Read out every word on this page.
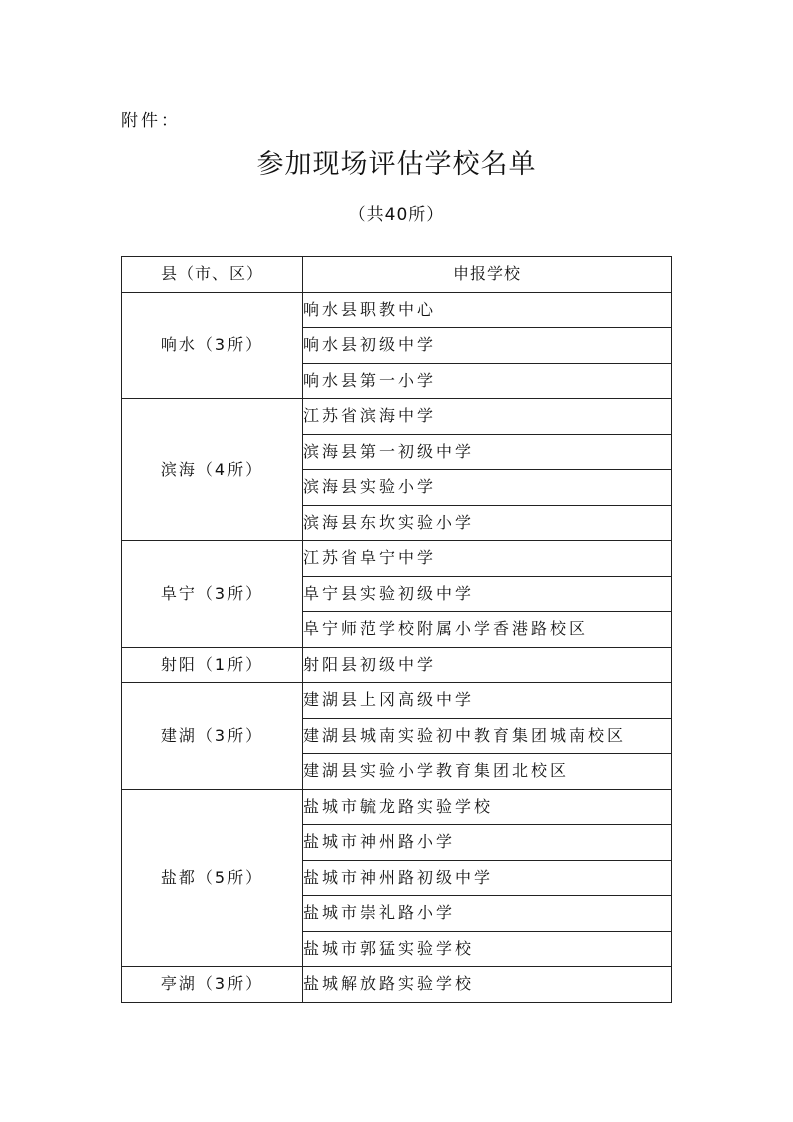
附件：
参加现场评估学校名单
（共40所）
县（市、区）	申报学校
响水（3所）	响水县职教中心
	响水县初级中学
	响水县第一小学
滨海（4所）	江苏省滨海中学
	滨海县第一初级中学
	滨海县实验小学
	滨海县东坎实验小学
阜宁（3所）	江苏省阜宁中学
	阜宁县实验初级中学
	阜宁师范学校附属小学香港路校区
射阳（1所）	射阳县初级中学
建湖（3所）	建湖县上冈高级中学
	建湖县城南实验初中教育集团城南校区
	建湖县实验小学教育集团北校区
盐都（5所）	盐城市毓龙路实验学校
	盐城市神州路小学
	盐城市神州路初级中学
	盐城市崇礼路小学
	盐城市郭猛实验学校
亭湖（3所）	盐城解放路实验学校
